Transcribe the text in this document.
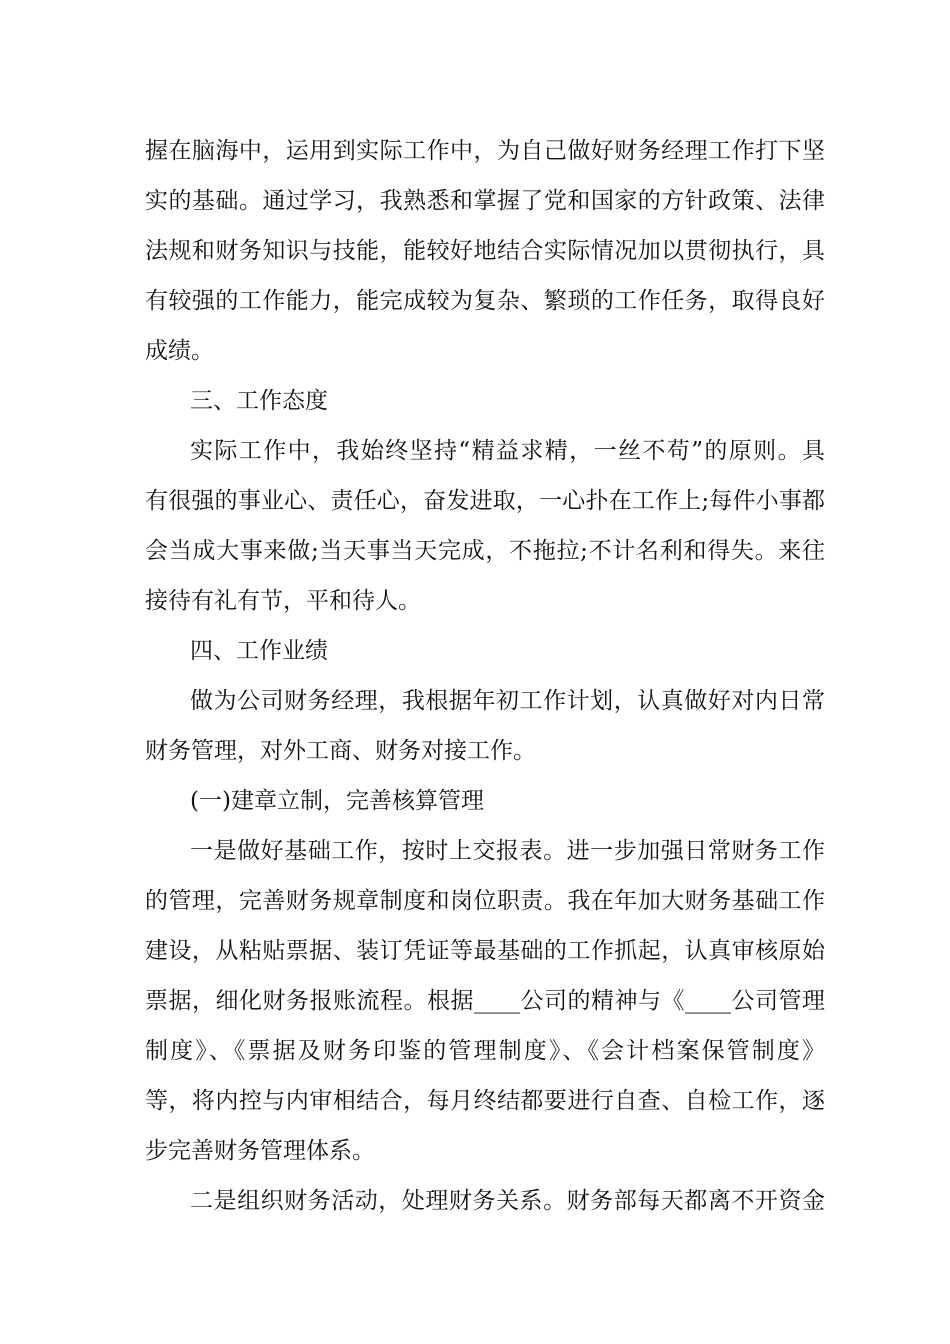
握在脑海中，运用到实际工作中，为自己做好财务经理工作打下坚
实的基础。通过学习，我熟悉和掌握了党和国家的方针政策、法律
法规和财务知识与技能，能较好地结合实际情况加以贯彻执行，具
有较强的工作能力，能完成较为复杂、繁琐的工作任务，取得良好
成绩。
三、工作态度
实际工作中，我始终坚持“精益求精，一丝不苟”的原则。具
有很强的事业心、责任心，奋发进取，一心扑在工作上;每件小事都
会当成大事来做;当天事当天完成，不拖拉;不计名利和得失。来往
接待有礼有节，平和待人。
四、工作业绩
做为公司财务经理，我根据年初工作计划，认真做好对内日常
财务管理，对外工商、财务对接工作。
(一)建章立制，完善核算管理
一是做好基础工作，按时上交报表。进一步加强日常财务工作
的管理，完善财务规章制度和岗位职责。我在年加大财务基础工作
建设，从粘贴票据、装订凭证等最基础的工作抓起，认真审核原始
票据，细化财务报账流程。根据____公司的精神与《____公司管理
制度》、《票据及财务印鉴的管理制度》、《会计档案保管制度》
等，将内控与内审相结合，每月终结都要进行自查、自检工作，逐
步完善财务管理体系。
二是组织财务活动，处理财务关系。财务部每天都离不开资金
